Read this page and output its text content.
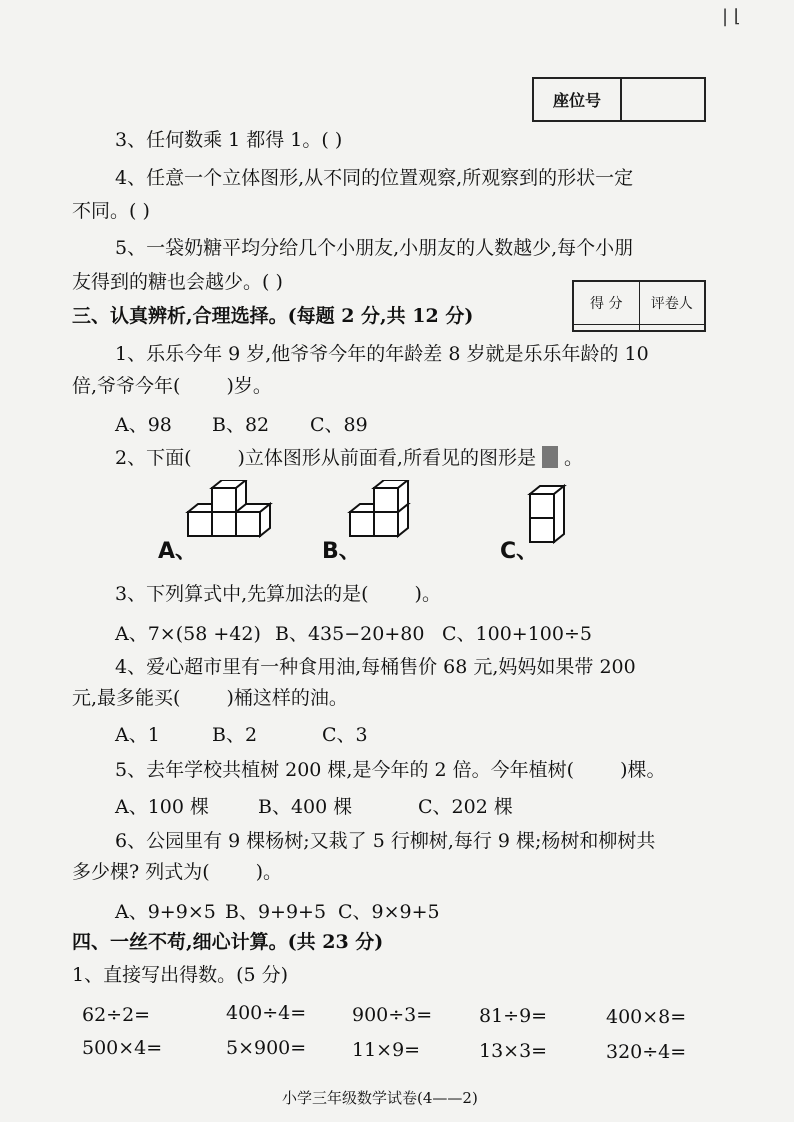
| ⌊
座位号
3、任何数乘 1 都得 1。( )
4、任意一个立体图形,从不同的位置观察,所观察到的形状一定
不同。( )
5、一袋奶糖平均分给几个小朋友,小朋友的人数越少,每个小朋
友得到的糖也会越少。( )
得 分	评卷人

三、认真辨析,合理选择。(每题 2 分,共 12 分)
1、乐乐今年 9 岁,他爷爷今年的年龄差 8 岁就是乐乐年龄的 10
倍,爷爷今年( )岁。
A、98 B、82 C、89
2、下面( )立体图形从前面看,所看见的图形是 。
A、	B、	C、
3、下列算式中,先算加法的是( )。
A、7×(58 +42) B、435−20+80 C、100+100÷5
4、爱心超市里有一种食用油,每桶售价 68 元,妈妈如果带 200
元,最多能买( )桶这样的油。
A、1	B、2	C、3
5、去年学校共植树 200 棵,是今年的 2 倍。今年植树( )棵。
A、100 棵	B、400 棵	C、202 棵
6、公园里有 9 棵杨树;又栽了 5 行柳树,每行 9 棵;杨树和柳树共
多少棵? 列式为( )。
A、9+9×5 B、9+9+5 C、9×9+5
四、一丝不苟,细心计算。(共 23 分)
1、直接写出得数。(5 分)
62÷2=	400÷4= 900÷3= 81÷9=	400×8=
500×4=	5×900= 11×9=	13×3=	320÷4=
小学三年级数学试卷(4——2)
